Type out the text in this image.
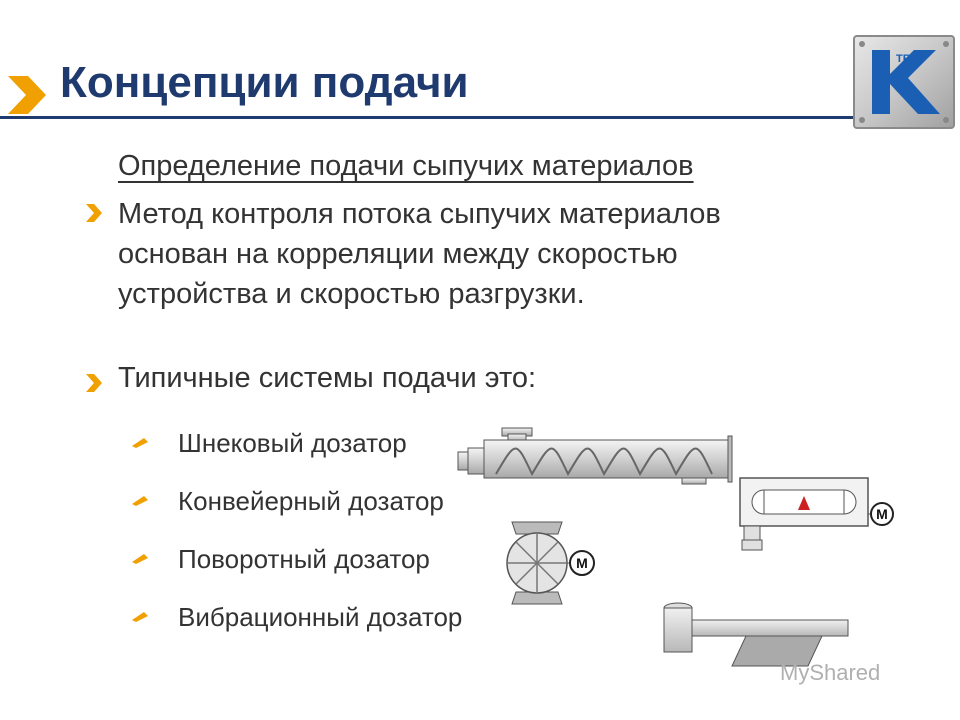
Концепции подачи	TR·N
Определение подачи сыпучих материалов
Метод контроля потока сыпучих материалов основан на корреляции между скоростью устройства и скоростью разгрузки.
Типичные системы подачи это:
Шнековый дозатор
Конвейерный дозатор
Поворотный дозатор
Вибрационный дозатор
M
M
MyShared
